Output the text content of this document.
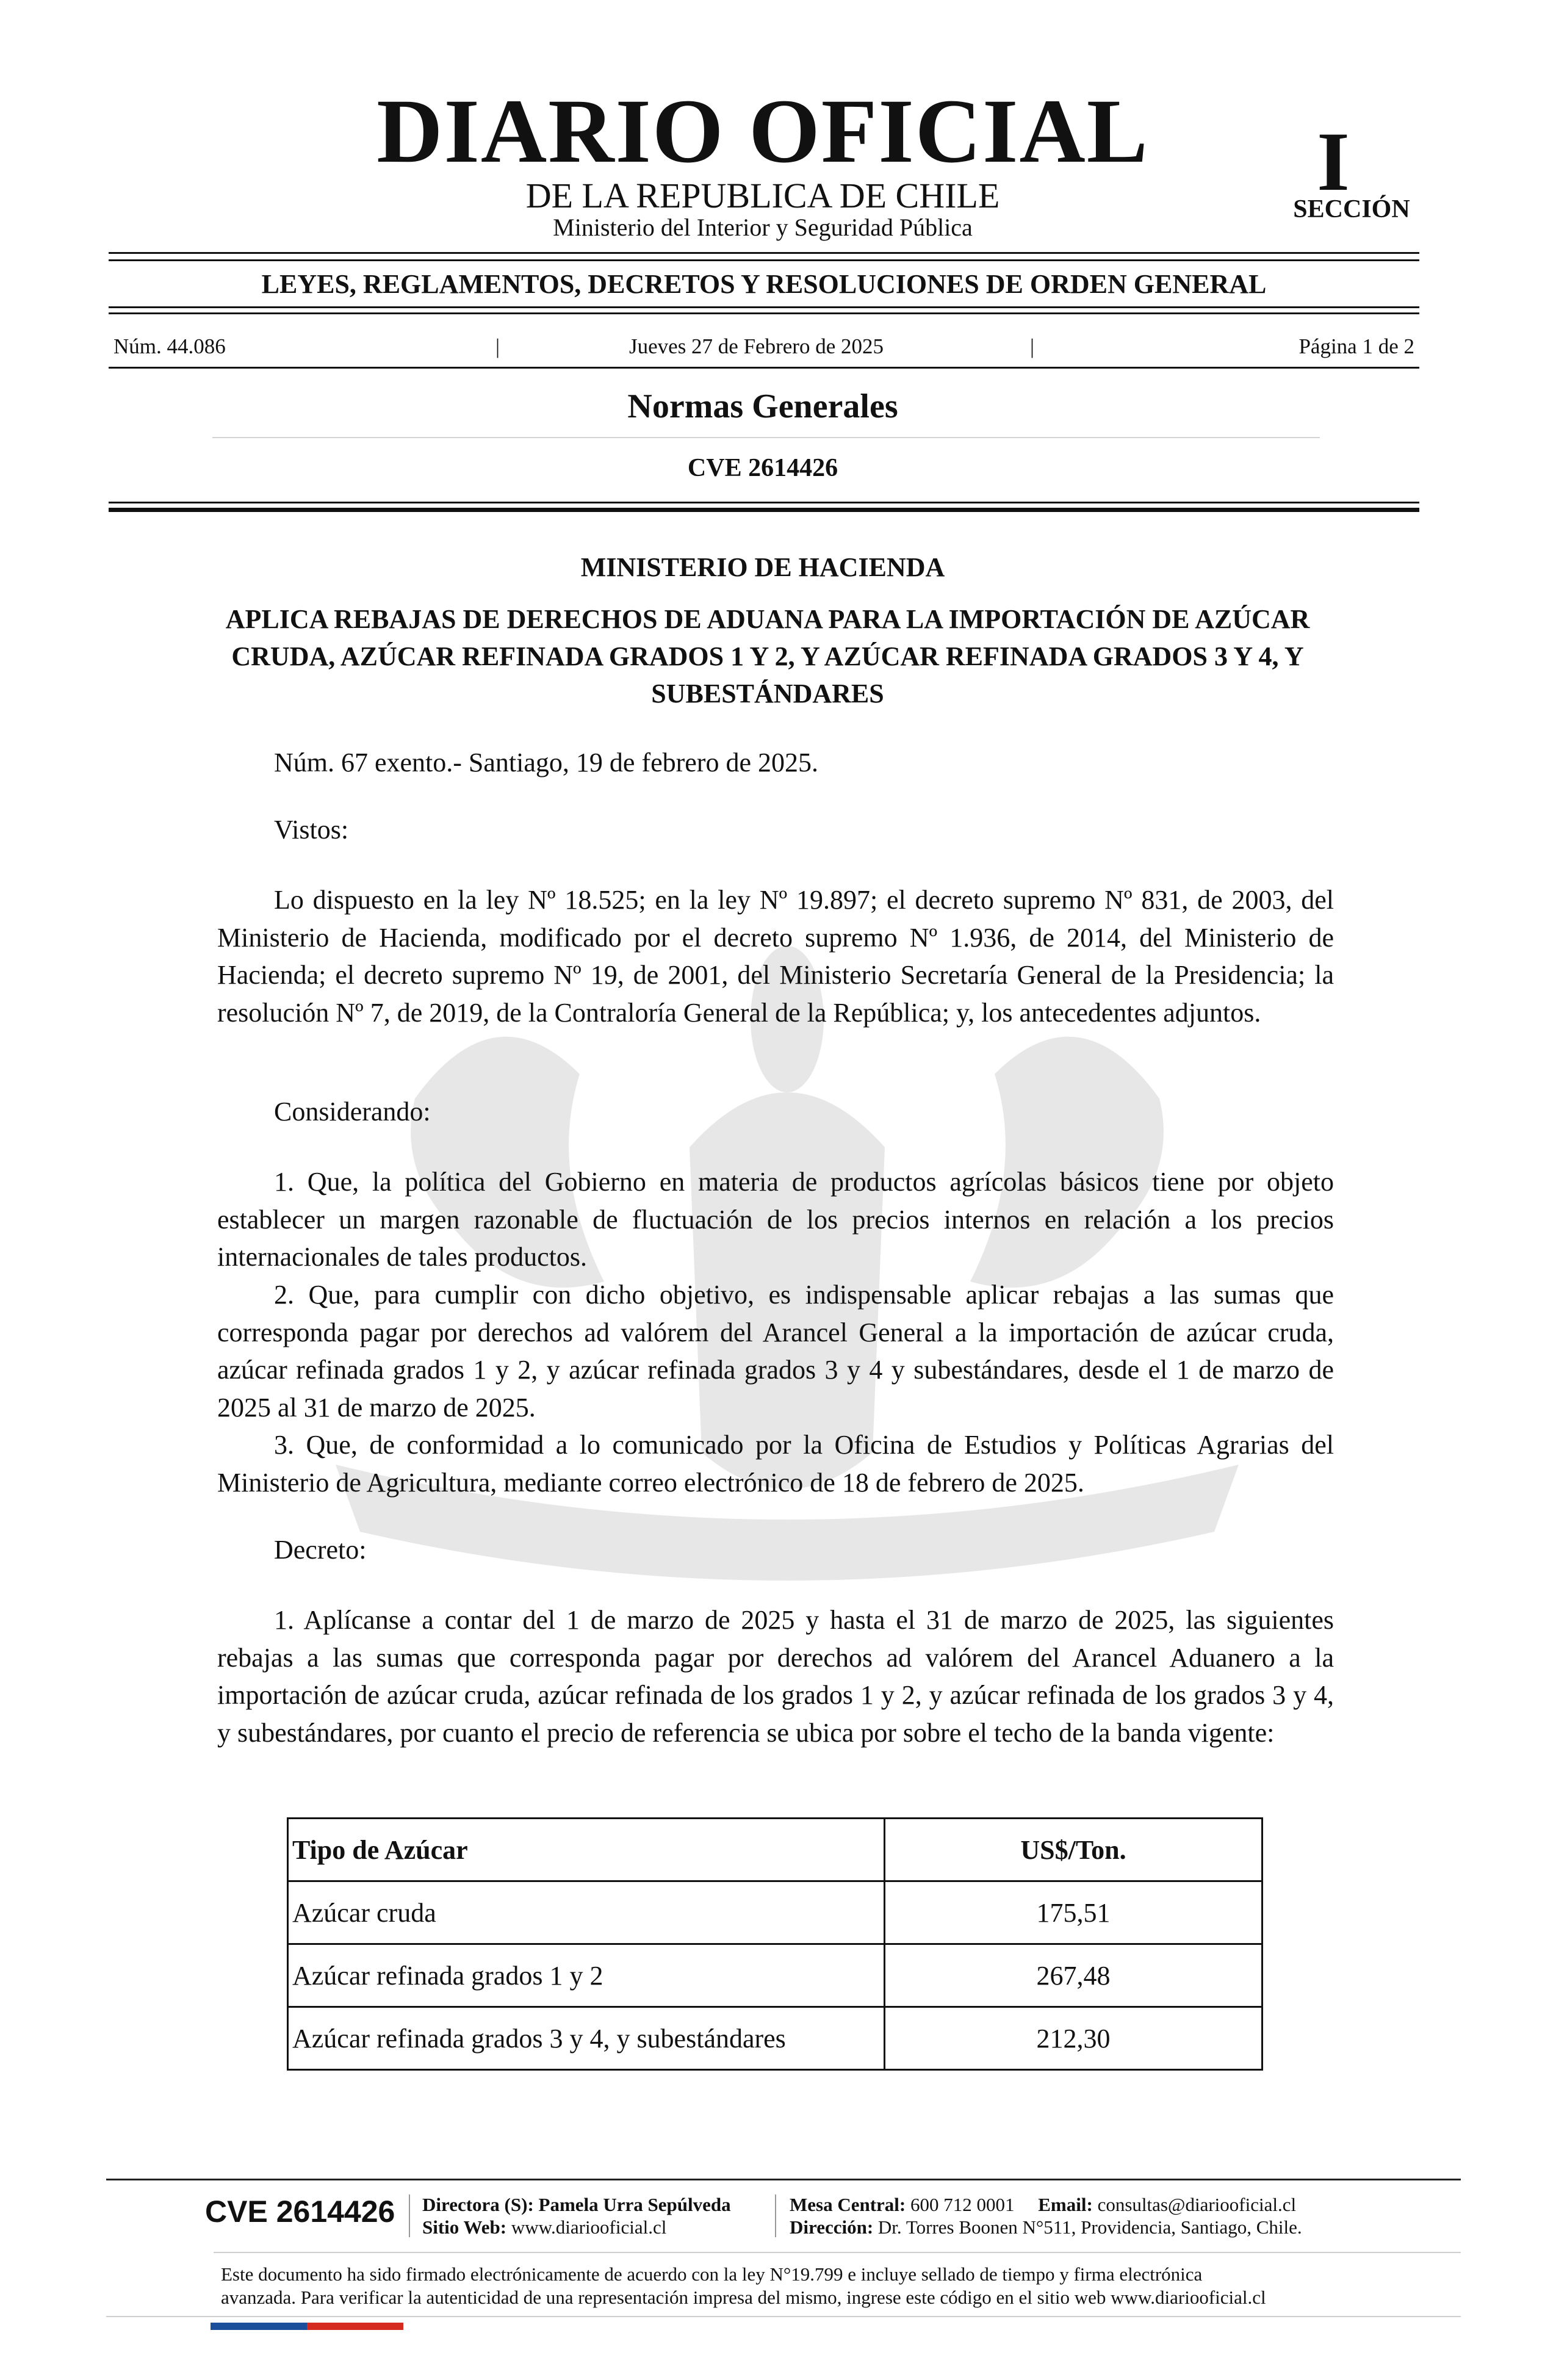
POR LA RAZON O LA FUERZA
DIARIO OFICIAL
DE LA REPUBLICA DE CHILE
Ministerio del Interior y Seguridad Pública
I
SECCIÓN
LEYES, REGLAMENTOS, DECRETOS Y RESOLUCIONES DE ORDEN GENERAL
Núm. 44.086	|	Jueves 27 de Febrero de 2025	|	Página 1 de 2
Normas Generales
CVE 2614426
MINISTERIO DE HACIENDA
APLICA REBAJAS DE DERECHOS DE ADUANA PARA LA IMPORTACIÓN DE AZÚCAR CRUDA, AZÚCAR REFINADA GRADOS 1 Y 2, Y AZÚCAR REFINADA GRADOS 3 Y 4, Y SUBESTÁNDARES
Núm. 67 exento.- Santiago, 19 de febrero de 2025.
Vistos:
Lo dispuesto en la ley Nº 18.525; en la ley Nº 19.897; el decreto supremo Nº 831, de 2003, del Ministerio de Hacienda, modificado por el decreto supremo Nº 1.936, de 2014, del Ministerio de Hacienda; el decreto supremo Nº 19, de 2001, del Ministerio Secretaría General de la Presidencia; la resolución Nº 7, de 2019, de la Contraloría General de la República; y, los antecedentes adjuntos.
Considerando:
1. Que, la política del Gobierno en materia de productos agrícolas básicos tiene por objeto establecer un margen razonable de fluctuación de los precios internos en relación a los precios internacionales de tales productos.
2. Que, para cumplir con dicho objetivo, es indispensable aplicar rebajas a las sumas que corresponda pagar por derechos ad valórem del Arancel General a la importación de azúcar cruda, azúcar refinada grados 1 y 2, y azúcar refinada grados 3 y 4 y subestándares, desde el 1 de marzo de 2025 al 31 de marzo de 2025.
3. Que, de conformidad a lo comunicado por la Oficina de Estudios y Políticas Agrarias del Ministerio de Agricultura, mediante correo electrónico de 18 de febrero de 2025.
Decreto:
1. Aplícanse a contar del 1 de marzo de 2025 y hasta el 31 de marzo de 2025, las siguientes rebajas a las sumas que corresponda pagar por derechos ad valórem del Arancel Aduanero a la importación de azúcar cruda, azúcar refinada de los grados 1 y 2, y azúcar refinada de los grados 3 y 4, y subestándares, por cuanto el precio de referencia se ubica por sobre el techo de la banda vigente:
Tipo de Azúcar	US$/Ton.
Azúcar cruda	175,51
Azúcar refinada grados 1 y 2	267,48
Azúcar refinada grados 3 y 4, y subestándares	212,30
CVE 2614426 Directora (S): Pamela Urra Sepúlveda
Sitio Web: www.diariooficial.cl
Mesa Central: 600 712 0001 Email: consultas@diariooficial.cl
Dirección: Dr. Torres Boonen N°511, Providencia, Santiago, Chile.
Este documento ha sido firmado electrónicamente de acuerdo con la ley N°19.799 e incluye sellado de tiempo y firma electrónica
avanzada. Para verificar la autenticidad de una representación impresa del mismo, ingrese este código en el sitio web www.diariooficial.cl
